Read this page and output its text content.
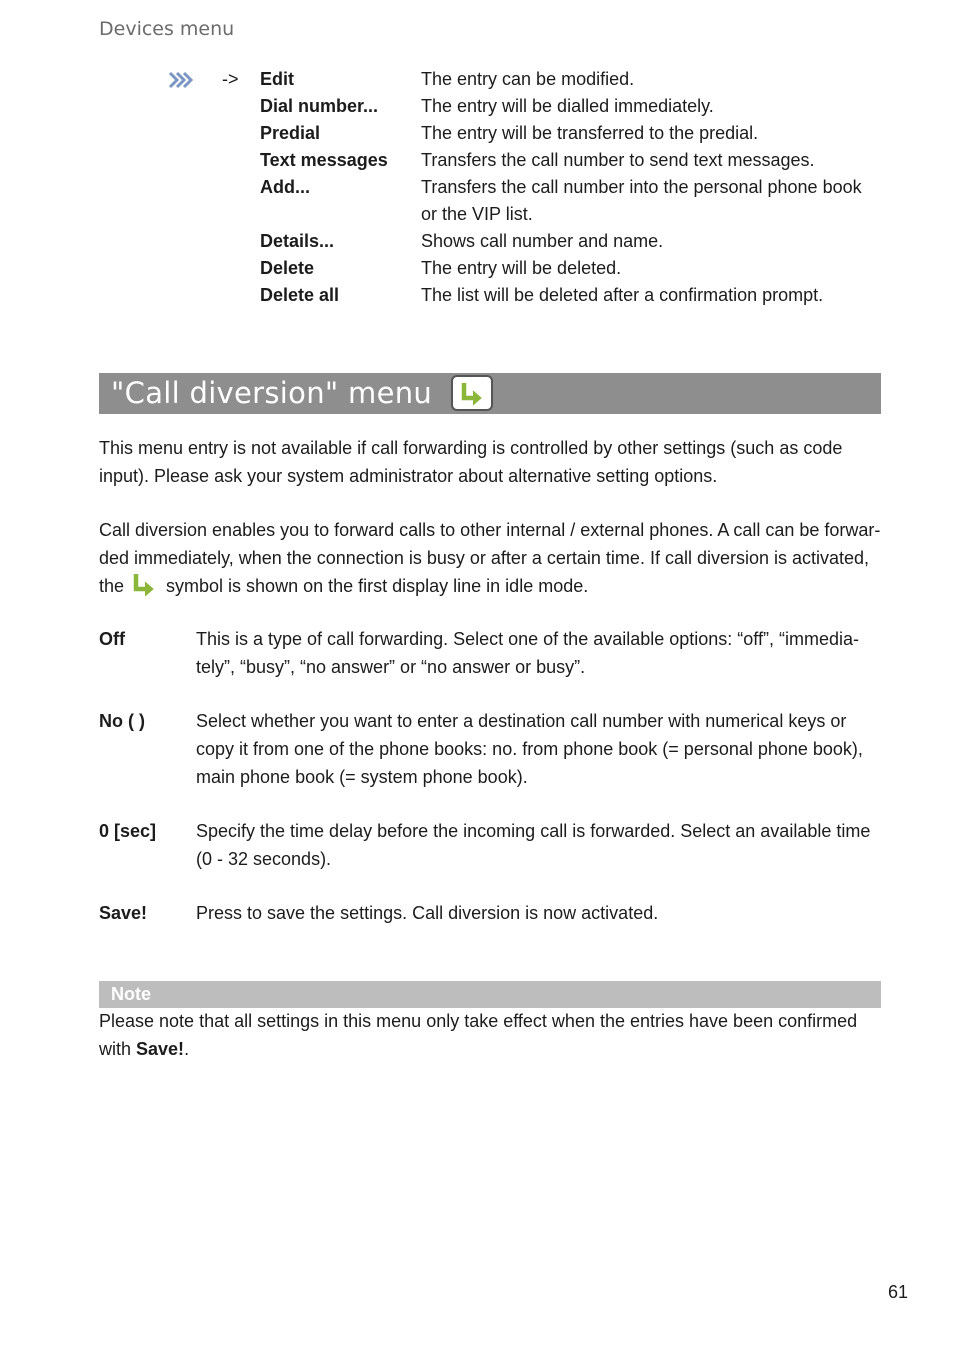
Devices menu
-> Edit	The entry can be modified.
Dial number... The entry will be dialled immediately.
Predial	The entry will be transferred to the predial.
Text messages Transfers the call number to send text messages.
Add...	Transfers the call number into the personal phone book or the VIP list.
Details...	Shows call number and name.
Delete	The entry will be deleted.
Delete all	The list will be deleted after a confirmation prompt.
"Call diversion" menu
This menu entry is not available if call forwarding is controlled by other settings (such as code input). Please ask your system administrator about alternative setting options.
Call diversion enables you to forward calls to other internal / external phones. A call can be forwar-ded immediately, when the connection is busy or after a certain time. If call diversion is activated, the symbol is shown on the first display line in idle mode.
Off	This is a type of call forwarding. Select one of the available options: “off”, “immedia-tely”, “busy”, “no answer” or “no answer or busy”.
No ( )	Select whether you want to enter a destination call number with numerical keys or copy it from one of the phone books: no. from phone book (= personal phone book), main phone book (= system phone book).
0 [sec] Specify the time delay before the incoming call is forwarded. Select an available time (0 - 32 seconds).
Save!	Press to save the settings. Call diversion is now activated.
Note
Please note that all settings in this menu only take effect when the entries have been confirmed with Save!.
61
